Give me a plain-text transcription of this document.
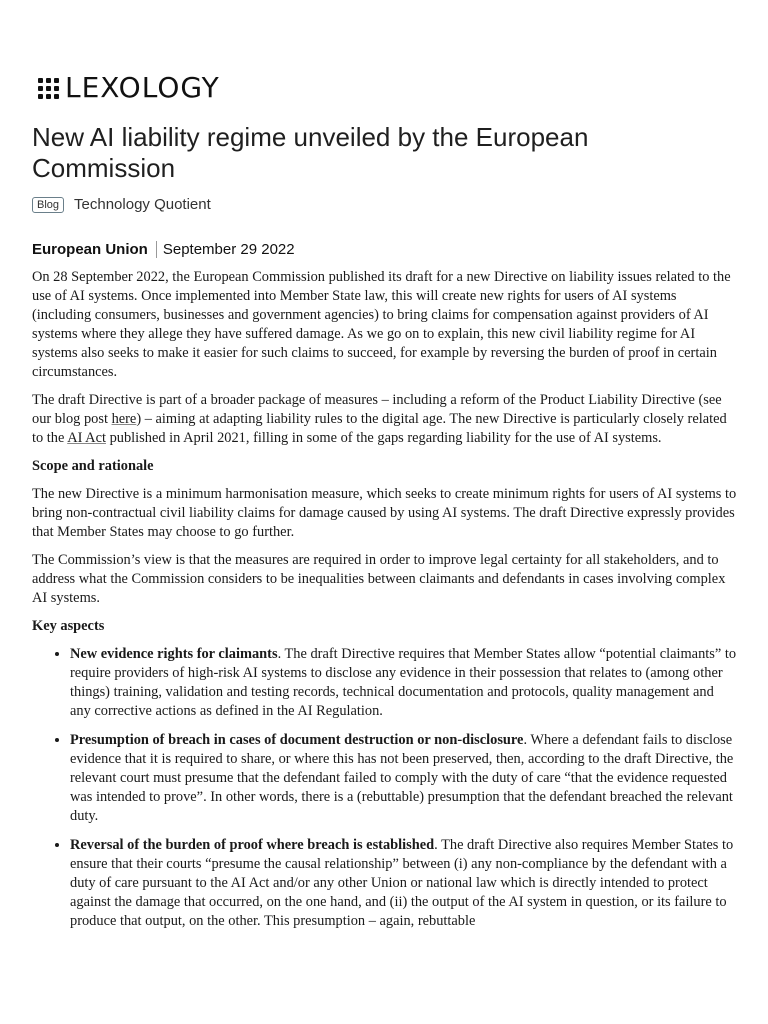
LEXOLOGY
New AI liability regime unveiled by the European Commission
Blog	Technology Quotient
European Union	September 29 2022

On 28 September 2022, the European Commission published its draft for a new Directive on liability issues related to the use of AI systems. Once implemented into Member State law, this will create new rights for users of AI systems (including consumers, businesses and government agencies) to bring claims for compensation against providers of AI systems where they allege they have suffered damage. As we go on to explain, this new civil liability regime for AI systems also seeks to make it easier for such claims to succeed, for example by reversing the burden of proof in certain circumstances.

The draft Directive is part of a broader package of measures – including a reform of the Product Liability Directive (see our blog post here) – aiming at adapting liability rules to the digital age. The new Directive is particularly closely related to the AI Act published in April 2021, filling in some of the gaps regarding liability for the use of AI systems.

Scope and rationale

The new Directive is a minimum harmonisation measure, which seeks to create minimum rights for users of AI systems to bring non-contractual civil liability claims for damage caused by using AI systems. The draft Directive expressly provides that Member States may choose to go further.

The Commission’s view is that the measures are required in order to improve legal certainty for all stakeholders, and to address what the Commission considers to be inequalities between claimants and defendants in cases involving complex AI systems.

Key aspects
• New evidence rights for claimants. The draft Directive requires that Member States allow “potential claimants” to require providers of high-risk AI systems to disclose any evidence in their possession that relates to (among other things) training, validation and testing records, technical documentation and protocols, quality management and any corrective actions as defined in the AI Regulation.
• Presumption of breach in cases of document destruction or non-disclosure. Where a defendant fails to disclose evidence that it is required to share, or where this has not been preserved, then, according to the draft Directive, the relevant court must presume that the defendant failed to comply with the duty of care “that the evidence requested was intended to prove”. In other words, there is a (rebuttable) presumption that the defendant breached the relevant duty.
• Reversal of the burden of proof where breach is established. The draft Directive also requires Member States to ensure that their courts “presume the causal relationship” between (i) any non-compliance by the defendant with a duty of care pursuant to the AI Act and/or any other Union or national law which is directly intended to protect against the damage that occurred, on the one hand, and (ii) the output of the AI system in question, or its failure to produce that output, on the other. This presumption – again, rebuttable
